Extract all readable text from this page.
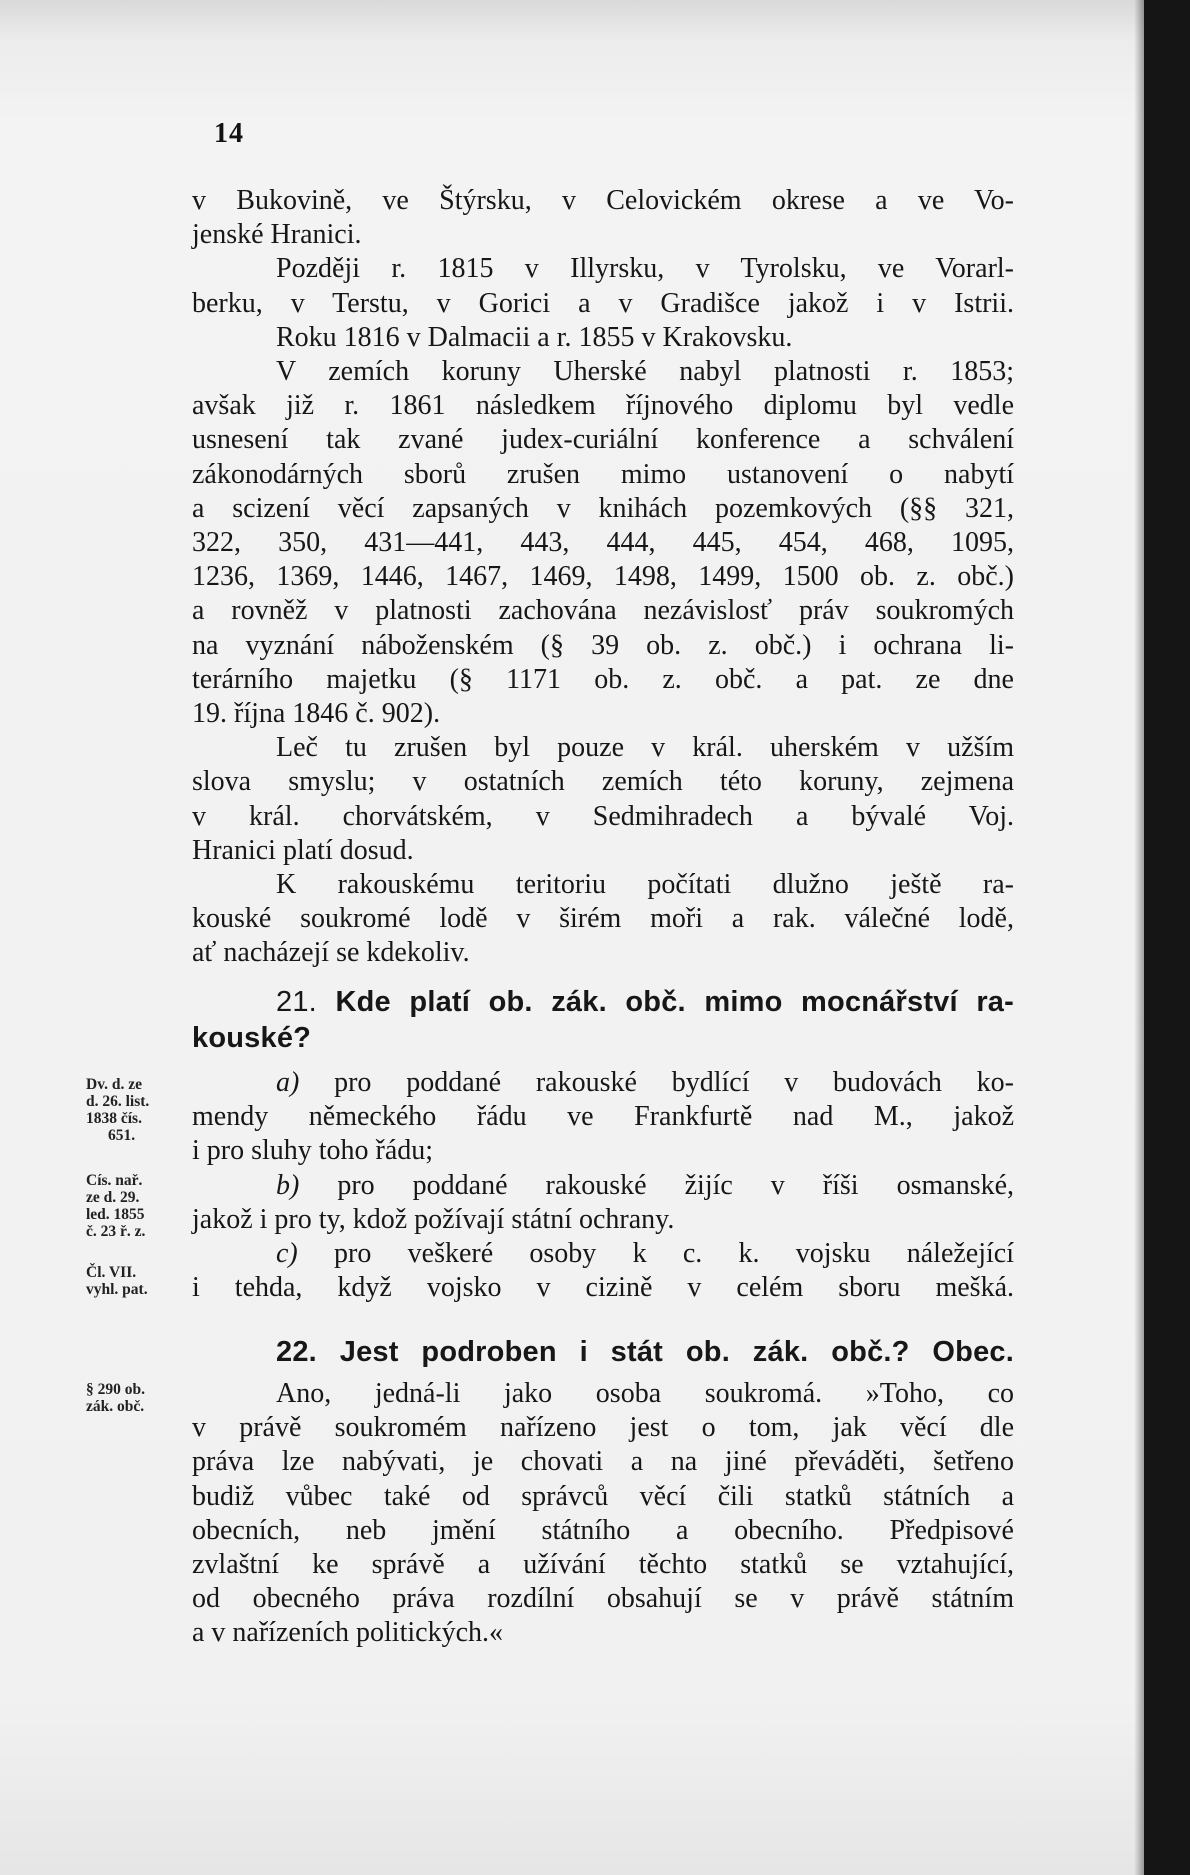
14
v Bukovině, ve Štýrsku, v Celovickém okrese a ve Vo-
jenské Hranici.
Později r. 1815 v Illyrsku, v Tyrolsku, ve Vorarl-
berku, v Terstu, v Gorici a v Gradišce jakož i v Istrii.
Roku 1816 v Dalmacii a r. 1855 v Krakovsku.
V zemích koruny Uherské nabyl platnosti r. 1853;
avšak již r. 1861 následkem říjnového diplomu byl vedle
usnesení tak zvané judex-curiální konference a schválení
zákonodárných sborů zrušen mimo ustanovení o nabytí
a scizení věcí zapsaných v knihách pozemkových (§§ 321,
322, 350, 431—441, 443, 444, 445, 454, 468, 1095,
1236, 1369, 1446, 1467, 1469, 1498, 1499, 1500 ob. z. obč.)
a rovněž v platnosti zachována nezávislosť práv soukromých
na vyznání náboženském (§ 39 ob. z. obč.) i ochrana li-
terárního majetku (§ 1171 ob. z. obč. a pat. ze dne
19. října 1846 č. 902).
Leč tu zrušen byl pouze v král. uherském v užším
slova smyslu; v ostatních zemích této koruny, zejmena
v král. chorvátském, v Sedmihradech a bývalé Voj.
Hranici platí dosud.
K rakouskému teritoriu počítati dlužno ještě ra-
kouské soukromé lodě v širém moři a rak. válečné lodě,
ať nacházejí se kdekoliv.
21. Kde platí ob. zák. obč. mimo mocnářství ra-
kouské?
a) pro poddané rakouské bydlící v budovách ko-
mendy německého řádu ve Frankfurtě nad M., jakož
i pro sluhy toho řádu;
b) pro poddané rakouské žijíc v říši osmanské,
jakož i pro ty, kdož požívají státní ochrany.
c) pro veškeré osoby k c. k. vojsku náležející
i tehda, když vojsko v cizině v celém sboru mešká.
22. Jest podroben i stát ob. zák. obč.? Obec.
Ano, jedná-li jako osoba soukromá. »Toho, co
v právě soukromém nařízeno jest o tom, jak věcí dle
práva lze nabývati, je chovati a na jiné převáděti, šetřeno
budiž vůbec také od správců věcí čili statků státních a
obecních, neb jmění státního a obecního. Předpisové
zvlaštní ke správě a užívání těchto statků se vztahující,
od obecného práva rozdílní obsahují se v právě státním
a v nařízeních politických.«
Dv. d. ze
d. 26. list.
1838 čís.
651.
Cís. nař.
ze d. 29.
led. 1855
č. 23 ř. z.
Čl. VII.
vyhl. pat.
§ 290 ob.
zák. obč.
